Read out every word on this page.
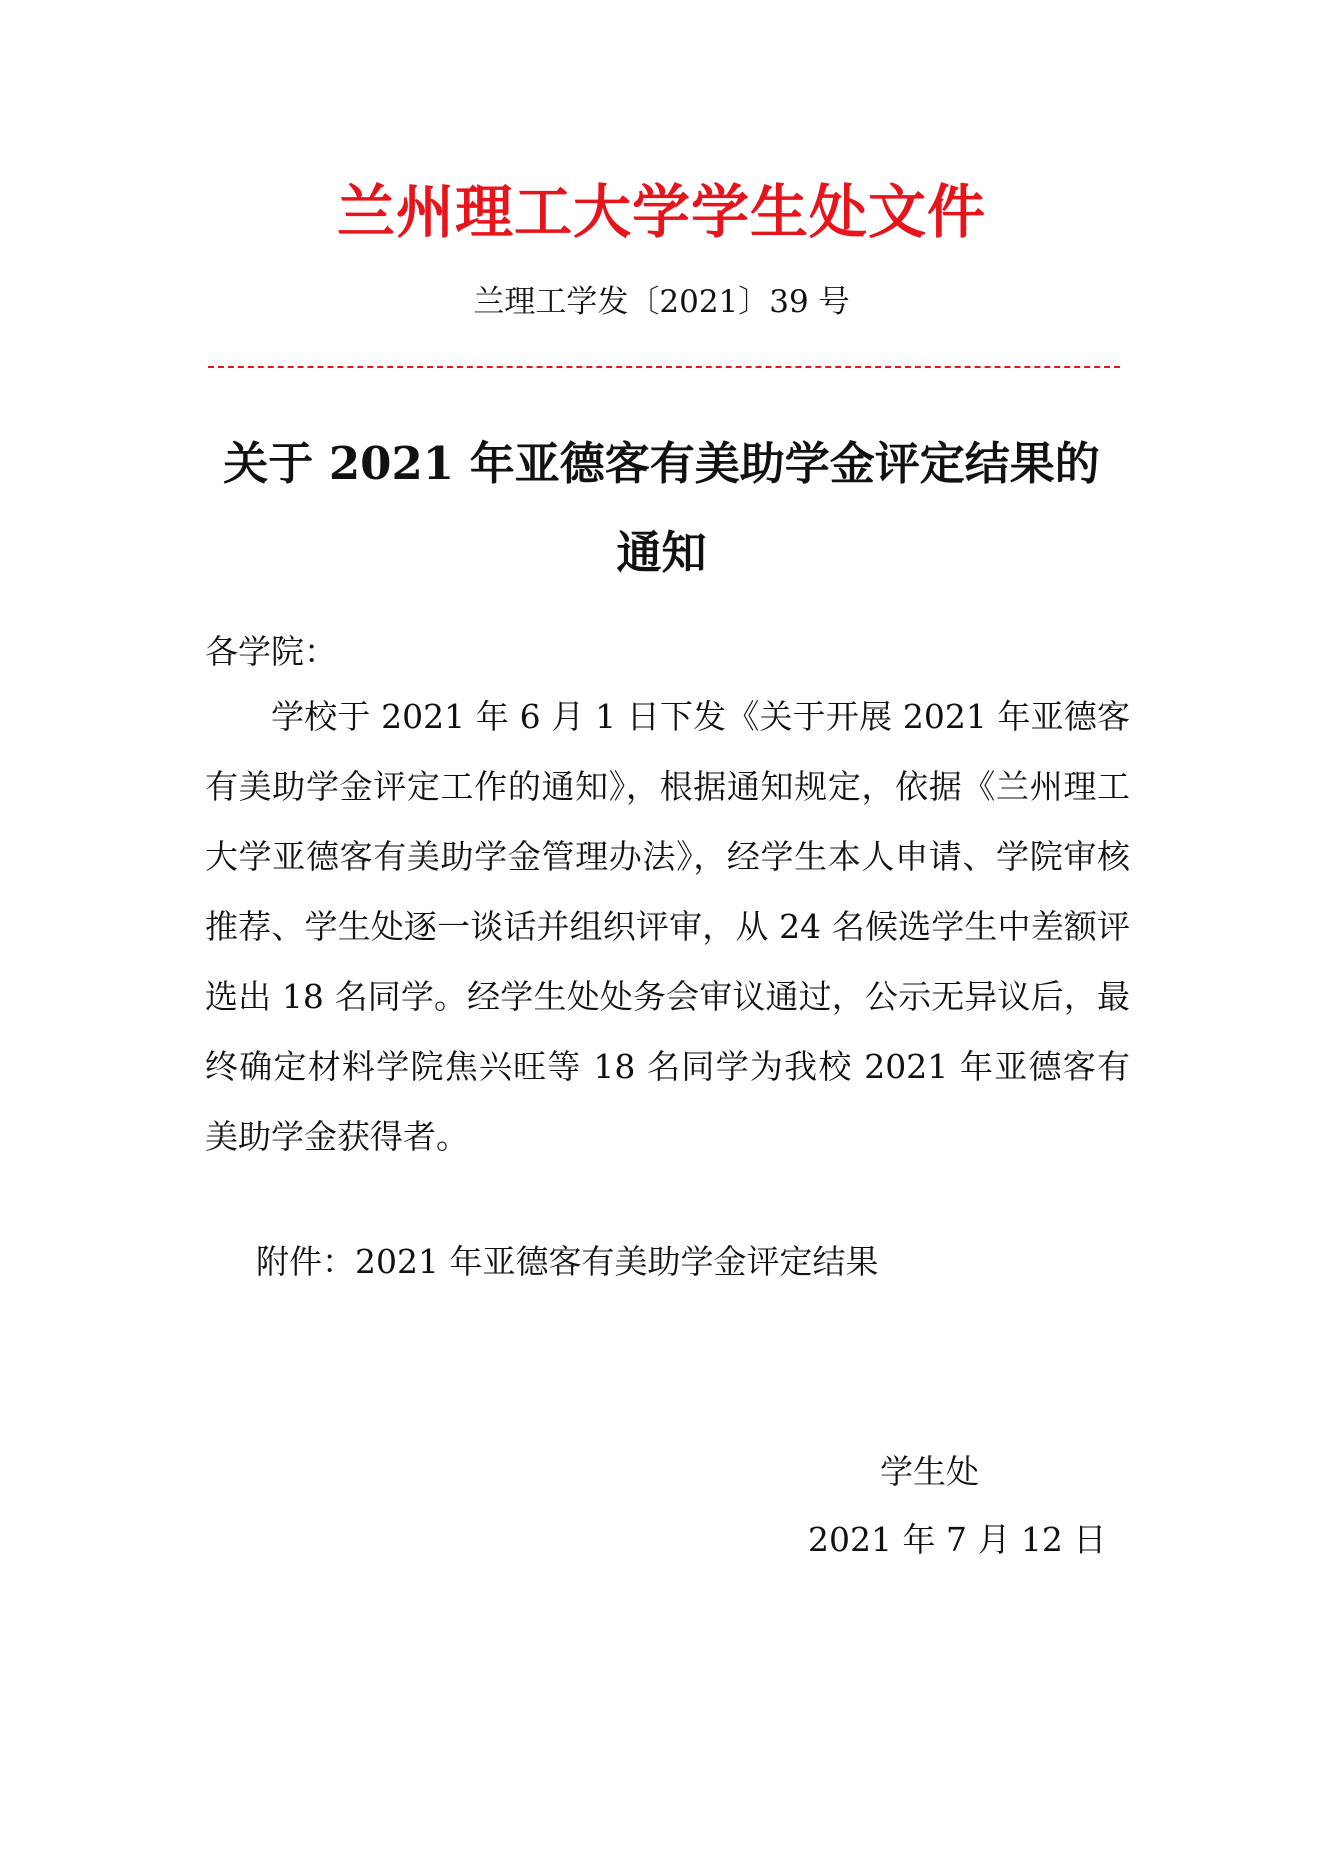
兰州理工大学学生处文件
兰理工学发〔2021〕39 号
关于 2021 年亚德客有美助学金评定结果的
通知
各学院：

学校于 2021 年 6 月 1 日下发《关于开展 2021 年亚德客有美助学金评定工作的通知》，根据通知规定，依据《兰州理工大学亚德客有美助学金管理办法》，经学生本人申请、学院审核推荐、学生处逐一谈话并组织评审，从 24 名候选学生中差额评选出 18 名同学。经学生处处务会审议通过，公示无异议后，最终确定材料学院焦兴旺等 18 名同学为我校 2021 年亚德客有美助学金获得者。

附件：2021 年亚德客有美助学金评定结果
学生处
2021 年 7 月 12 日
